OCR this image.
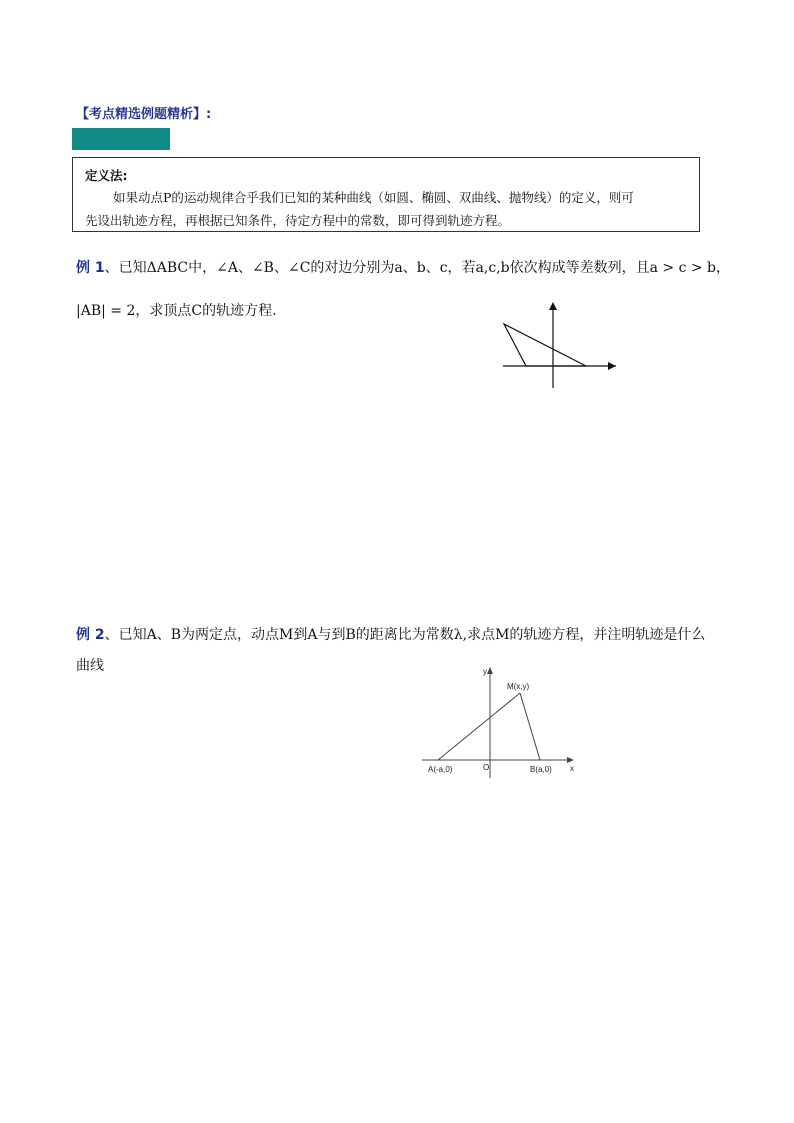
【考点精选例题精析】:
定义法:
如果动点P的运动规律合乎我们已知的某种曲线（如圆、椭圆、双曲线、抛物线）的定义，则可
先设出轨迹方程，再根据已知条件，待定方程中的常数，即可得到轨迹方程。
例 1、已知ΔABC中，∠A、∠B、∠C的对边分别为a、b、c，若a,c,b依次构成等差数列，且a > c > b，
|AB| = 2，求顶点C的轨迹方程.
例 2、已知A、B为两定点，动点M到A与到B的距离比为常数λ,求点M的轨迹方程，并注明轨迹是什么
曲线	y
x
M(x,y)
A(-a,0)	B(a,0)
O
